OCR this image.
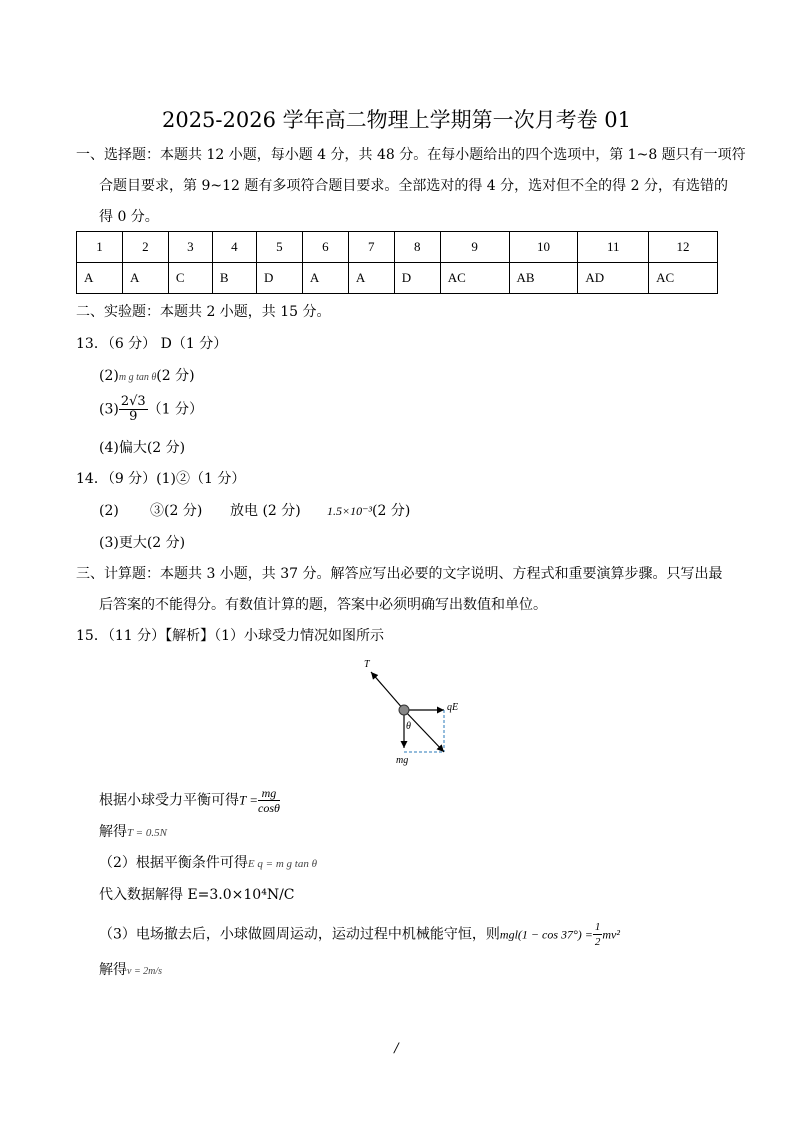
2025-2026 学年高二物理上学期第一次月考卷 01
一、选择题：本题共 12 小题，每小题 4 分，共 48 分。在每小题给出的四个选项中，第 1~8 题只有一项符
合题目要求，第 9~12 题有多项符合题目要求。全部选对的得 4 分，选对但不全的得 2 分，有选错的
得 0 分。
1	2	3	4	5	6	7	8	9	10	11	12
A	A	C	B	D	A	A	D	AC	AB	AD	AC
二、实验题：本题共 2 小题，共 15 分。
13．（6 分） D（1 分）
(2)m g tan θ(2 分)
$(3) \frac{2√3}{9} (1$ 分）
(4)偏大(2 分)
14．（9 分）(1)②（1 分）
(2) ③(2 分) 放电 (2 分) 1.5×10⁻³(2 分)
(3)更大(2 分)
三、计算题：本题共 3 小题，共 37 分。解答应写出必要的文字说明、方程式和重要演算步骤。只写出最
后答案的不能得分。有数值计算的题，答案中必须明确写出数值和单位。
15．（11 分）【解析】（1）小球受力情况如图所示
T
qE
θ
mg
根据小球受力平衡可得$T = \frac{mg}{\cos\theta}$
解得T = 0.5N
（2）根据平衡条件可得E q = m g tan θ
代入数据解得 E=3.0×10⁴N/C
（3）电场撤去后，小球做圆周运动，运动过程中机械能守恒，则$mgl(1 - \cos 37^\circ) = \frac{1}{2} mv^2$
解得v = 2m/s
/
